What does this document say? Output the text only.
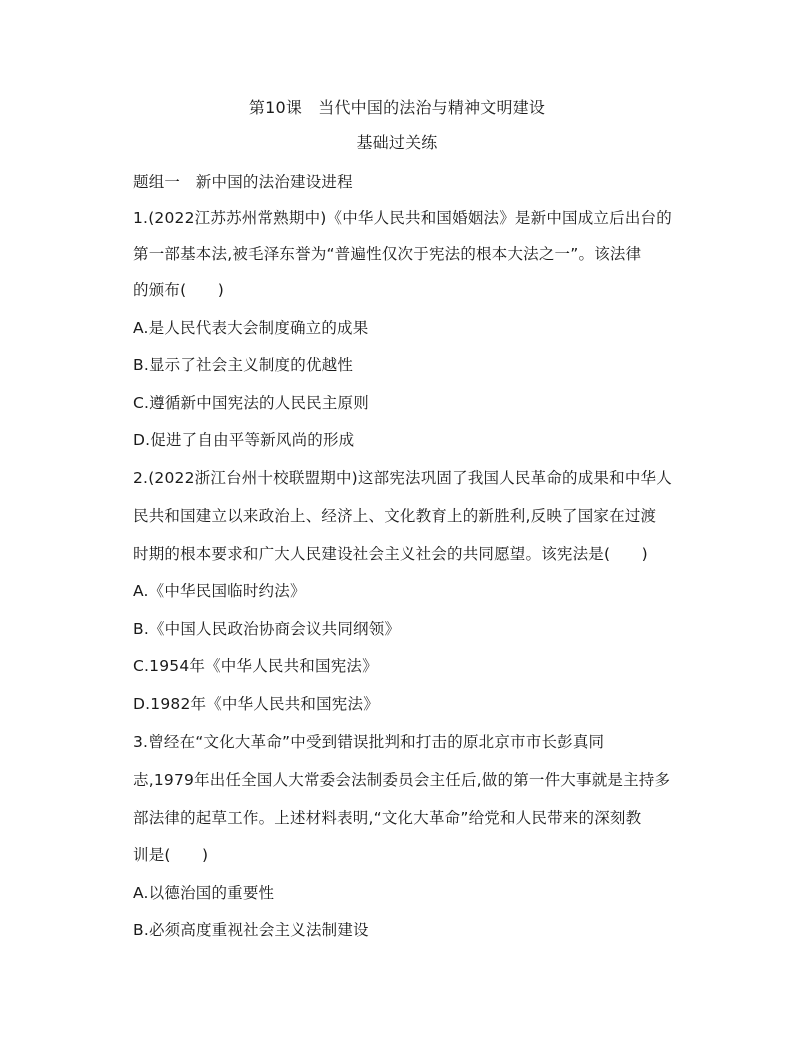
第10课　当代中国的法治与精神文明建设
基础过关练
题组一　新中国的法治建设进程
1.(2022江苏苏州常熟期中)《中华人民共和国婚姻法》是新中国成立后出台的
第一部基本法,被毛泽东誉为“普遍性仅次于宪法的根本大法之一”。该法律
的颁布(　　)
A.是人民代表大会制度确立的成果
B.显示了社会主义制度的优越性
C.遵循新中国宪法的人民民主原则
D.促进了自由平等新风尚的形成
2.(2022浙江台州十校联盟期中)这部宪法巩固了我国人民革命的成果和中华人
民共和国建立以来政治上、经济上、文化教育上的新胜利,反映了国家在过渡
时期的根本要求和广大人民建设社会主义社会的共同愿望。该宪法是(　　)
A.《中华民国临时约法》
B.《中国人民政治协商会议共同纲领》
C.1954年《中华人民共和国宪法》
D.1982年《中华人民共和国宪法》
3.曾经在“文化大革命”中受到错误批判和打击的原北京市市长彭真同
志,1979年出任全国人大常委会法制委员会主任后,做的第一件大事就是主持多
部法律的起草工作。上述材料表明,“文化大革命”给党和人民带来的深刻教
训是(　　)
A.以德治国的重要性
B.必须高度重视社会主义法制建设
